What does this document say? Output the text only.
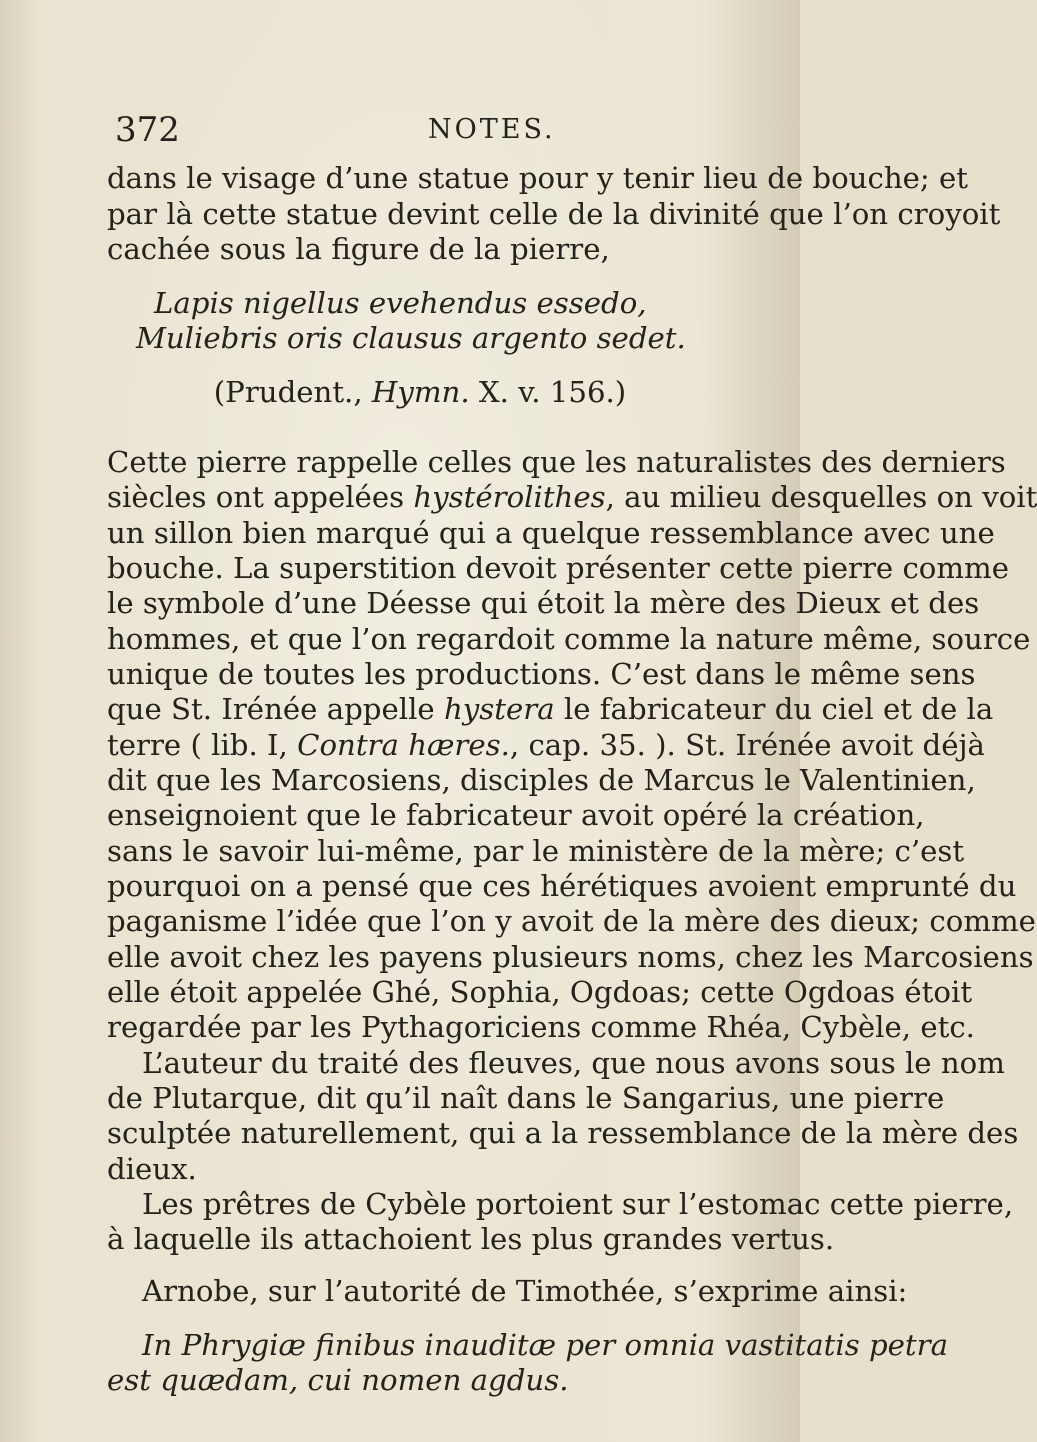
372	NOTES.
dans le visage d’une statue pour y tenir lieu de bouche; et
par là cette statue devint celle de la divinité que l’on croyoit
cachée sous la figure de la pierre,
Lapis nigellus evehendus essedo,
Muliebris oris clausus argento sedet.
(Prudent., Hymn. X. v. 156.)
Cette pierre rappelle celles que les naturalistes des derniers
siècles ont appelées hystérolithes, au milieu desquelles on voit
un sillon bien marqué qui a quelque ressemblance avec une
bouche. La superstition devoit présenter cette pierre comme
le symbole d’une Déesse qui étoit la mère des Dieux et des
hommes, et que l’on regardoit comme la nature même, source
unique de toutes les productions. C’est dans le même sens
que St. Irénée appelle hystera le fabricateur du ciel et de la
terre ( lib. I, Contra hæres., cap. 35. ). St. Irénée avoit déjà
dit que les Marcosiens, disciples de Marcus le Valentinien,
enseignoient que le fabricateur avoit opéré la création,
sans le savoir lui-même, par le ministère de la mère; c’est
pourquoi on a pensé que ces hérétiques avoient emprunté du
paganisme l’idée que l’on y avoit de la mère des dieux; comme
elle avoit chez les payens plusieurs noms, chez les Marcosiens
elle étoit appelée Ghé, Sophia, Ogdoas; cette Ogdoas étoit
regardée par les Pythagoriciens comme Rhéa, Cybèle, etc.
L’auteur du traité des fleuves, que nous avons sous le nom
de Plutarque, dit qu’il naît dans le Sangarius, une pierre
sculptée naturellement, qui a la ressemblance de la mère des
dieux.
Les prêtres de Cybèle portoient sur l’estomac cette pierre,
à laquelle ils attachoient les plus grandes vertus.
Arnobe, sur l’autorité de Timothée, s’exprime ainsi:
In Phrygiæ finibus inauditæ per omnia vastitatis petra
est quædam, cui nomen agdus.
